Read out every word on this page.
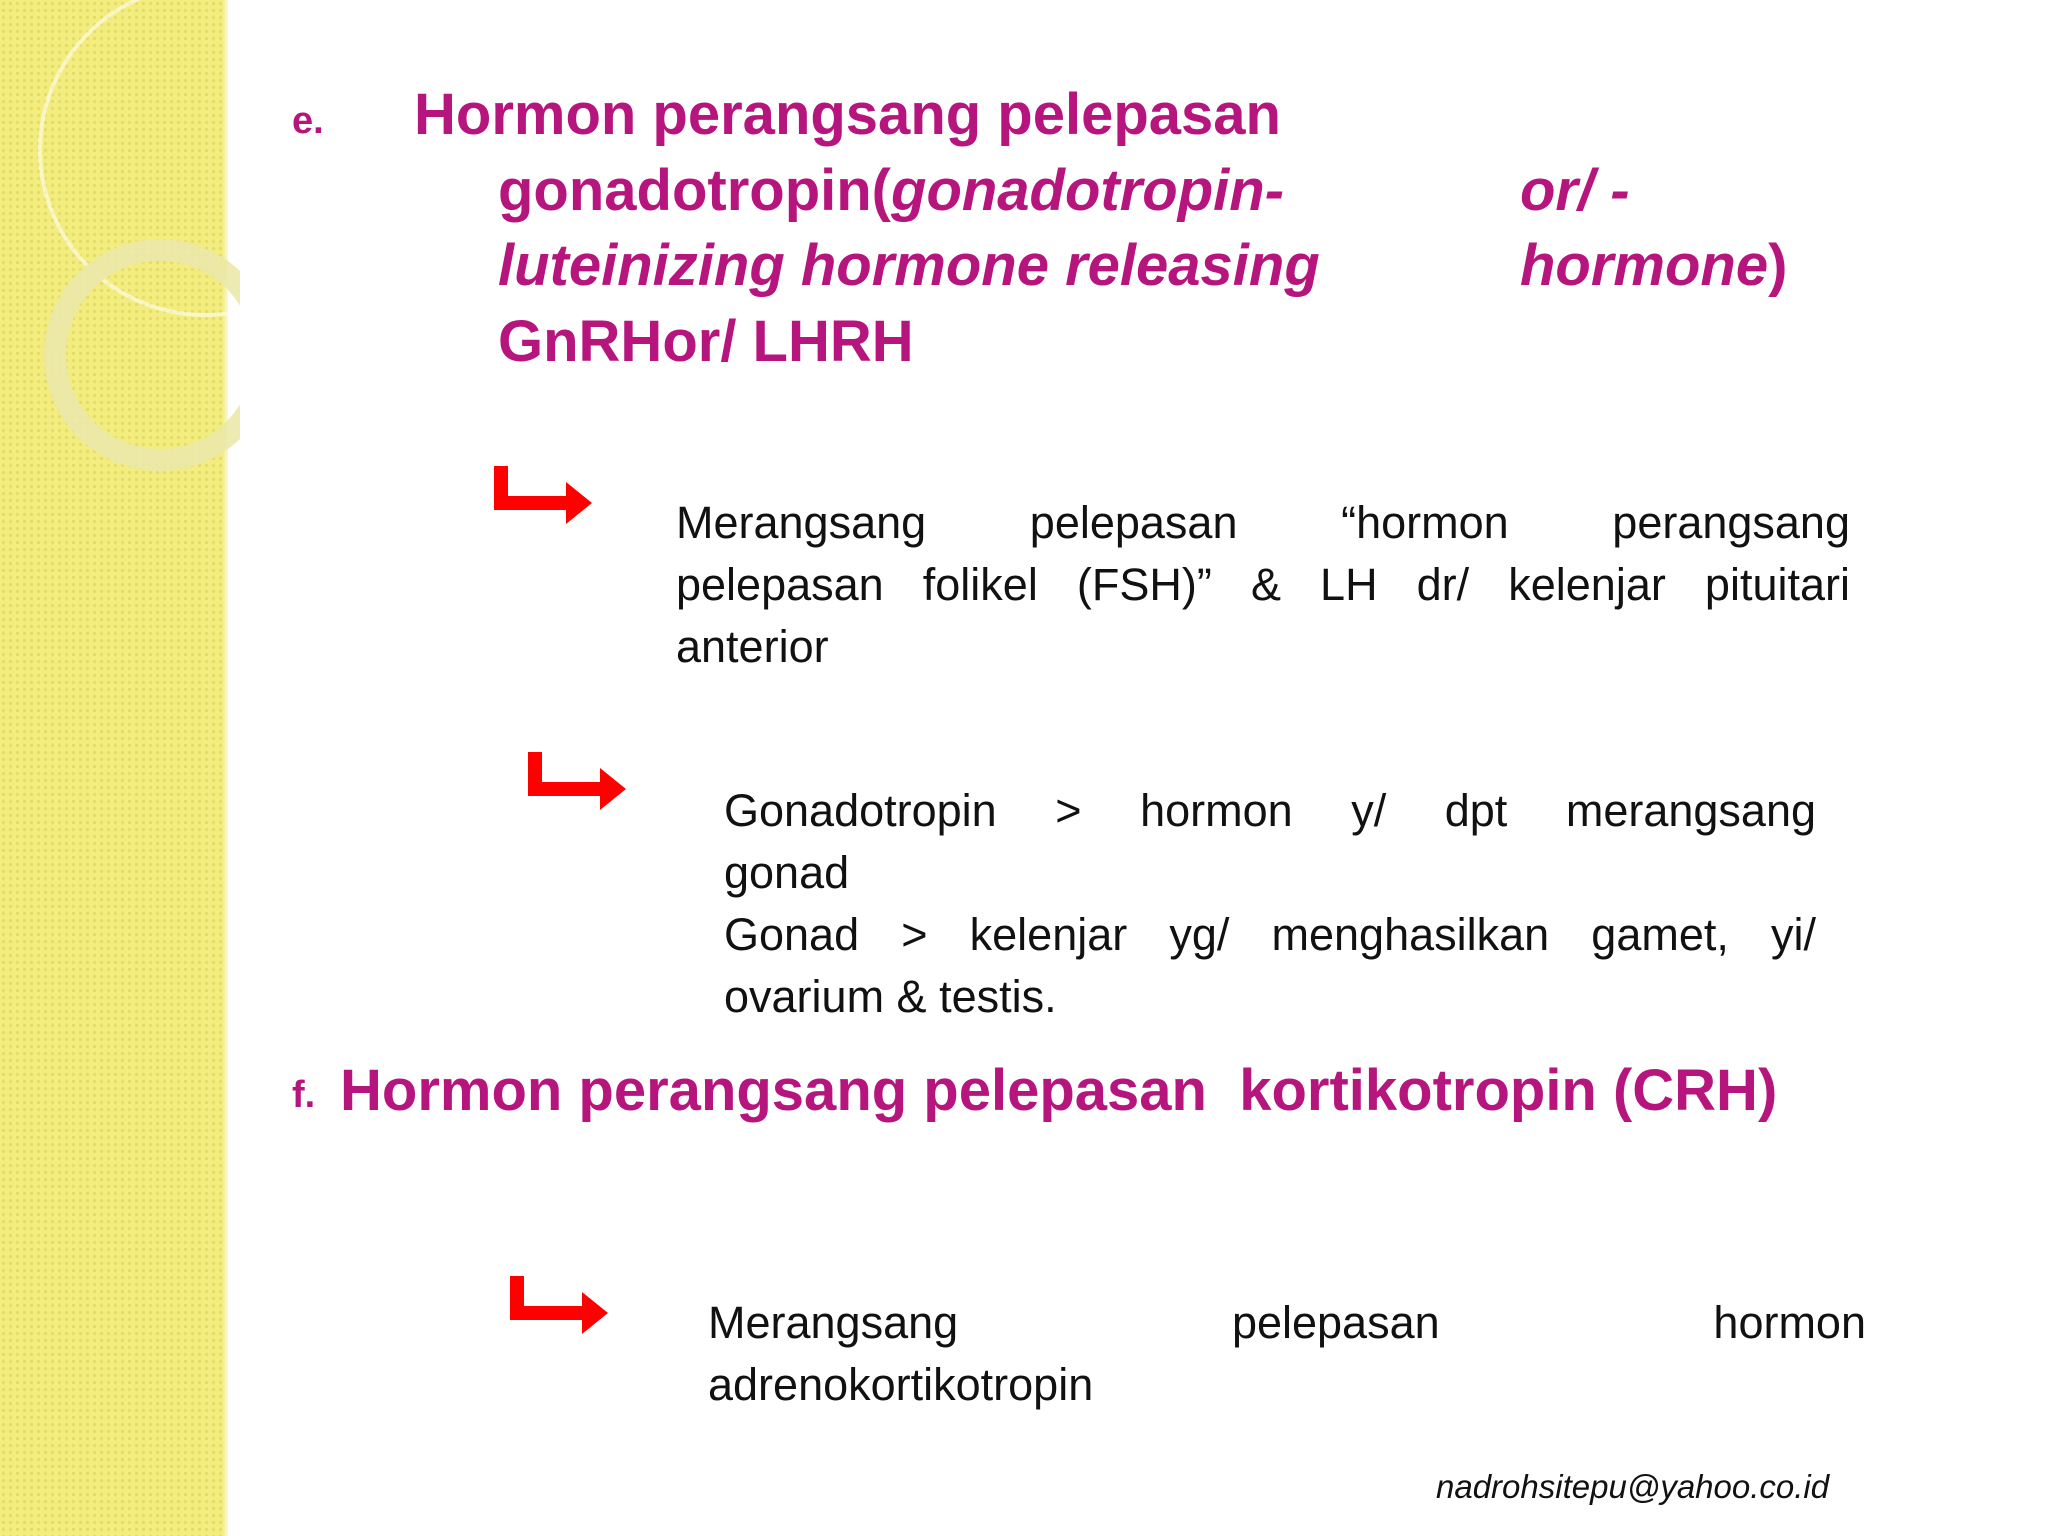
e. Hormon perangsang pelepasan
gonadotropin(gonadotropin-	or/ -
luteinizing hormone releasing	hormone)
GnRHor/ LHRH
Merangsang pelepasan “hormon perangsang
pelepasan folikel (FSH)” & LH dr/ kelenjar pituitari
anterior
Gonadotropin > hormon y/ dpt merangsang
gonad
Gonad > kelenjar yg/ menghasilkan gamet, yi/
ovarium & testis.
f. Hormon perangsang pelepasan  kortikotropin (CRH)
Merangsang pelepasan hormon
adrenokortikotropin
nadrohsitepu@yahoo.co.id
